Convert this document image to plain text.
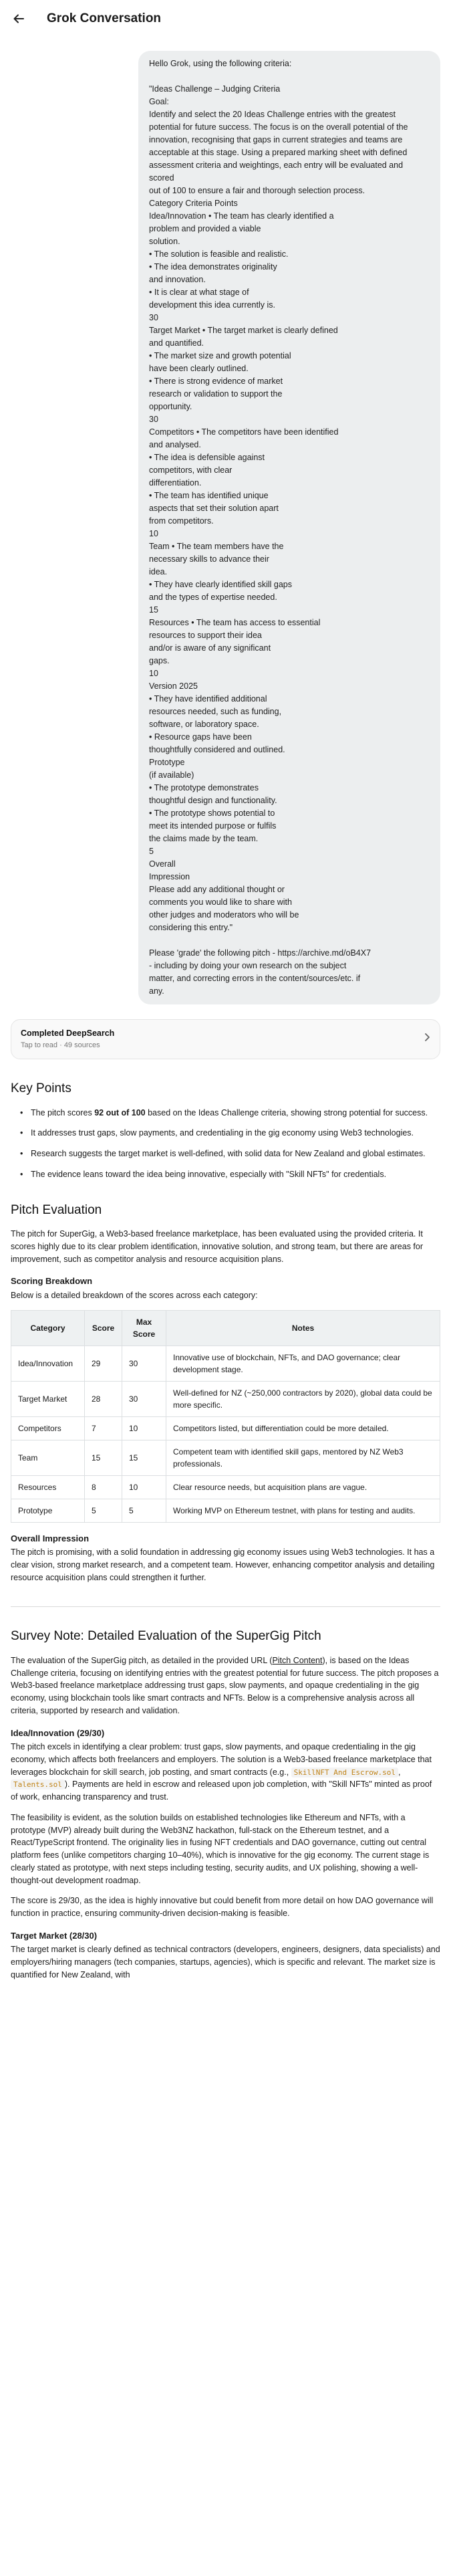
Grok Conversation
Hello Grok, using the following criteria:

"Ideas Challenge – Judging Criteria
Goal:
Identify and select the 20 Ideas Challenge entries with the greatest
potential for future success. The focus is on the overall potential of the
innovation, recognising that gaps in current strategies and teams are
acceptable at this stage. Using a prepared marking sheet with defined
assessment criteria and weightings, each entry will be evaluated and scored
out of 100 to ensure a fair and thorough selection process.
Category Criteria Points
Idea/Innovation • The team has clearly identified a
problem and provided a viable
solution.
• The solution is feasible and realistic.
• The idea demonstrates originality
and innovation.
• It is clear at what stage of
development this idea currently is.
30
Target Market • The target market is clearly defined
and quantified.
• The market size and growth potential
have been clearly outlined.
• There is strong evidence of market
research or validation to support the
opportunity.
30
Competitors • The competitors have been identified
and analysed.
• The idea is defensible against
competitors, with clear
differentiation.
• The team has identified unique
aspects that set their solution apart
from competitors.
10
Team • The team members have the
necessary skills to advance their
idea.
• They have clearly identified skill gaps
and the types of expertise needed.
15
Resources • The team has access to essential
resources to support their idea
and/or is aware of any significant
gaps.
10
Version 2025
• They have identified additional
resources needed, such as funding,
software, or laboratory space.
• Resource gaps have been
thoughtfully considered and outlined.
Prototype
(if available)
• The prototype demonstrates
thoughtful design and functionality.
• The prototype shows potential to
meet its intended purpose or fulfils
the claims made by the team.
5
Overall
Impression
Please add any additional thought or
comments you would like to share with
other judges and moderators who will be
considering this entry."

Please 'grade' the following pitch - https://archive.md/oB4X7
- including by doing your own research on the subject
matter, and correcting errors in the content/sources/etc. if
any.
Completed DeepSearch
Tap to read · 49 sources
Key Points
• The pitch scores 92 out of 100 based on the Ideas Challenge criteria, showing strong potential for success.
• It addresses trust gaps, slow payments, and credentialing in the gig economy using Web3 technologies.
• Research suggests the target market is well-defined, with solid data for New Zealand and global estimates.
• The evidence leans toward the idea being innovative, especially with "Skill NFTs" for credentials.
Pitch Evaluation

The pitch for SuperGig, a Web3-based freelance marketplace, has been evaluated using the provided criteria. It scores highly due to its clear problem identification, innovative solution, and strong team, but there are areas for improvement, such as competitor analysis and resource acquisition plans.

Scoring Breakdown

Below is a detailed breakdown of the scores across each category:

Category	Score	Max Score	Notes
Idea/Innovation	29	30	Innovative use of blockchain, NFTs, and DAO governance; clear development stage.
Target Market	28	30	Well-defined for NZ (~250,000 contractors by 2020), global data could be more specific.
Competitors	7	10	Competitors listed, but differentiation could be more detailed.
Team	15	15	Competent team with identified skill gaps, mentored by NZ Web3 professionals.
Resources	8	10	Clear resource needs, but acquisition plans are vague.
Prototype	5	5	Working MVP on Ethereum testnet, with plans for testing and audits.
Overall Impression

The pitch is promising, with a solid foundation in addressing gig economy issues using Web3 technologies. It has a clear vision, strong market research, and a competent team. However, enhancing competitor analysis and detailing resource acquisition plans could strengthen it further.

Survey Note: Detailed Evaluation of the SuperGig Pitch

The evaluation of the SuperGig pitch, as detailed in the provided URL (Pitch Content), is based on the Ideas Challenge criteria, focusing on identifying entries with the greatest potential for future success. The pitch proposes a Web3-based freelance marketplace addressing trust gaps, slow payments, and opaque credentialing in the gig economy, using blockchain tools like smart contracts and NFTs. Below is a comprehensive analysis across all criteria, supported by research and validation.

Idea/Innovation (29/30)

The pitch excels in identifying a clear problem: trust gaps, slow payments, and opaque credentialing in the gig economy, which affects both freelancers and employers. The solution is a Web3-based freelance marketplace that leverages blockchain for skill search, job posting, and smart contracts (e.g., SkillNFT And Escrow.sol , Talents.sol ). Payments are held in escrow and released upon job completion, with "Skill NFTs" minted as proof of work, enhancing transparency and trust.

The feasibility is evident, as the solution builds on established technologies like Ethereum and NFTs, with a prototype (MVP) already built during the Web3NZ hackathon, full-stack on the Ethereum testnet, and a React/TypeScript frontend. The originality lies in fusing NFT credentials and DAO governance, cutting out central platform fees (unlike competitors charging 10–40%), which is innovative for the gig economy. The current stage is clearly stated as prototype, with next steps including testing, security audits, and UX polishing, showing a well-thought-out development roadmap.

The score is 29/30, as the idea is highly innovative but could benefit from more detail on how DAO governance will function in practice, ensuring community-driven decision-making is feasible.

Target Market (28/30)

The target market is clearly defined as technical contractors (developers, engineers, designers, data specialists) and employers/hiring managers (tech companies, startups, agencies), which is specific and relevant. The market size is quantified for New Zealand, with
